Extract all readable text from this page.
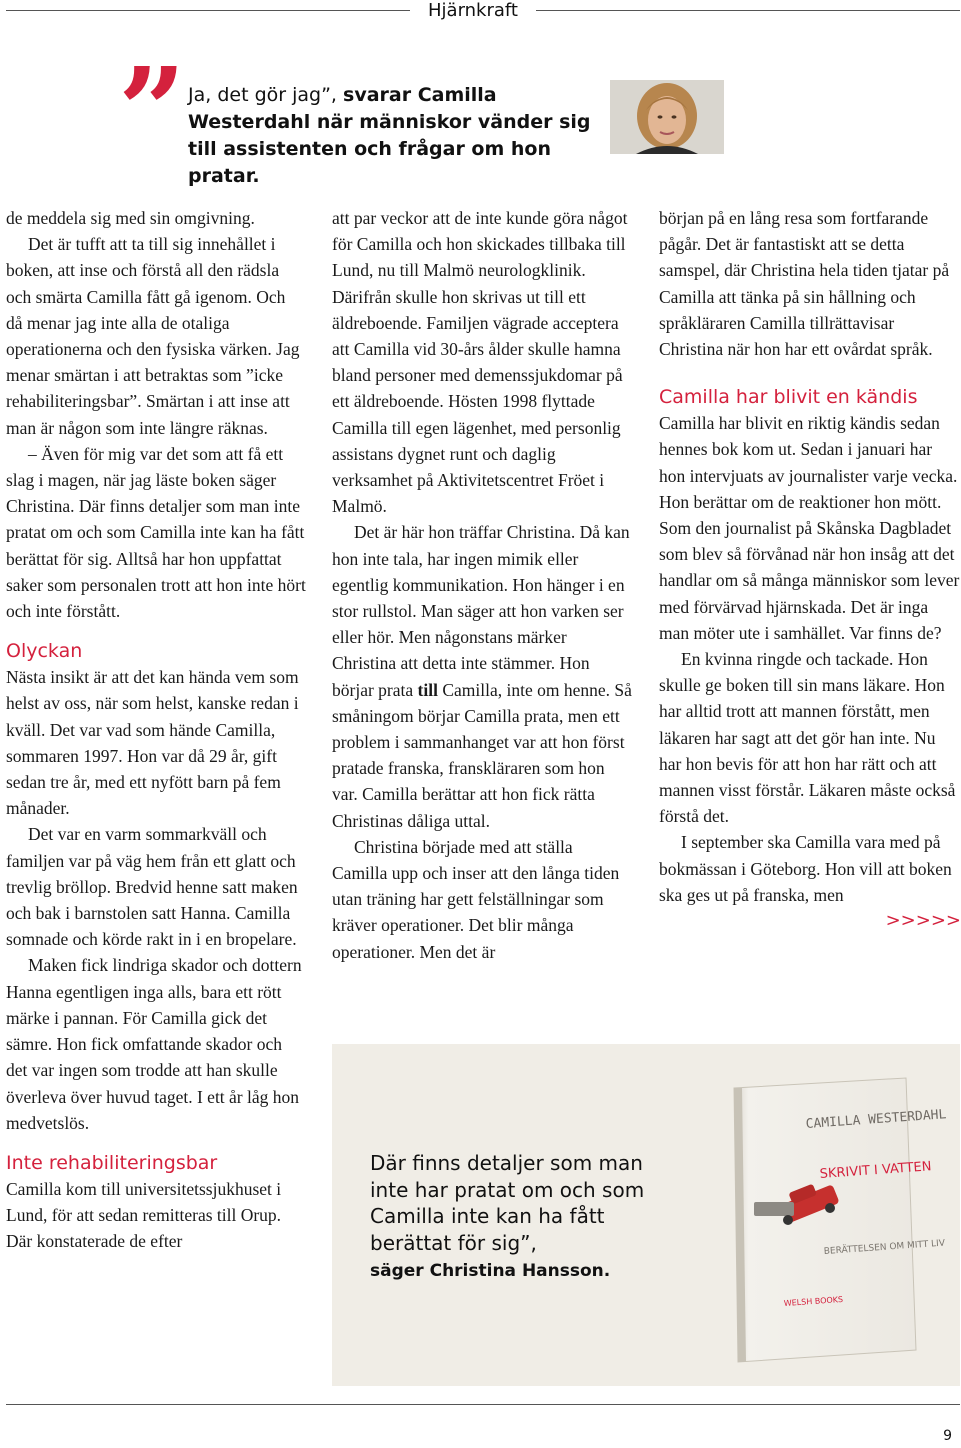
Hjärnkraft
” Ja, det gör jag”, svarar Camilla Westerdahl när människor vänder sig till assistenten och frågar om hon pratar.

de meddela sig med sin omgivning.

Det är tufft att ta till sig innehållet i boken, att inse och förstå all den rädsla och smärta Camilla fått gå igenom. Och då menar jag inte alla de otaliga operationerna och den fysiska värken. Jag menar smärtan i att betraktas som ”icke rehabiliteringsbar”. Smärtan i att inse att man är någon som inte längre räknas.

– Även för mig var det som att få ett slag i magen, när jag läste boken säger Christina. Där finns detaljer som man inte pratat om och som Camilla inte kan ha fått berättat för sig. Alltså har hon uppfattat saker som personalen trott att hon inte hört och inte förstått.

Olyckan

Nästa insikt är att det kan hända vem som helst av oss, när som helst, kanske redan i kväll. Det var vad som hände Camilla, sommaren 1997. Hon var då 29 år, gift sedan tre år, med ett nyfött barn på fem månader.

Det var en varm sommarkväll och familjen var på väg hem från ett glatt och trevlig bröllop. Bredvid henne satt maken och bak i barnstolen satt Hanna. Camilla somnade och körde rakt in i en bropelare.

Maken fick lindriga skador och dottern Hanna egentligen inga alls, bara ett rött märke i pannan. För Camilla gick det sämre. Hon fick omfattande skador och det var ingen som trodde att han skulle överleva över huvud taget. I ett år låg hon medvetslös.

Inte rehabiliteringsbar

Camilla kom till universitetssjukhuset i Lund, för att sedan remitteras till Orup. Där konstaterade de efter

att par veckor att de inte kunde göra något för Camilla och hon skickades tillbaka till Lund, nu till Malmö neurologklinik. Därifrån skulle hon skrivas ut till ett äldreboende. Familjen vägrade acceptera att Camilla vid 30-års ålder skulle hamna bland personer med demenssjukdomar på ett äldreboende. Hösten 1998 flyttade Camilla till egen lägenhet, med personlig assistans dygnet runt och daglig verksamhet på Aktivitetscentret Fröet i Malmö.

Det är här hon träffar Christina. Då kan hon inte tala, har ingen mimik eller egentlig kommunikation. Hon hänger i en stor rullstol. Man säger att hon varken ser eller hör. Men någonstans märker Christina att detta inte stämmer. Hon börjar prata till Camilla, inte om henne. Så småningom börjar Camilla prata, men ett problem i sammanhanget var att hon först pratade franska, franskläraren som hon var. Camilla berättar att hon fick rätta Christinas dåliga uttal.

Christina började med att ställa Camilla upp och inser att den långa tiden utan träning har gett felställningar som kräver operationer. Det blir många operationer. Men det är

början på en lång resa som fortfarande pågår. Det är fantastiskt att se detta samspel, där Christina hela tiden tjatar på Camilla att tänka på sin hållning och språkläraren Camilla tillrättavisar Christina när hon har ett ovårdat språk.

Camilla har blivit en kändis

Camilla har blivit en riktig kändis sedan hennes bok kom ut. Sedan i januari har hon intervjuats av journalister varje vecka. Hon berättar om de reaktioner hon mött. Som den journalist på Skånska Dagbladet som blev så förvånad när hon insåg att det handlar om så många människor som lever med förvärvad hjärnskada. Det är inga man möter ute i samhället. Var finns de?

En kvinna ringde och tackade. Hon skulle ge boken till sin mans läkare. Hon har alltid trott att mannen förstått, men läkaren har sagt att det gör han inte. Nu har hon bevis för att hon har rätt och att mannen visst förstår. Läkaren måste också förstå det.

I september ska Camilla vara med på bokmässan i Göteborg. Hon vill att boken ska ges ut på franska, men

>>>>>
Där finns detaljer som man inte har pratat om och som Camilla inte kan ha fått berättat för sig”,
säger Christina Hansson.
CAMILLA WESTERDAHL
SKRIVIT I VATTEN
BERÄTTELSEN OM MITT LIV
WELSH BOOKS
9
